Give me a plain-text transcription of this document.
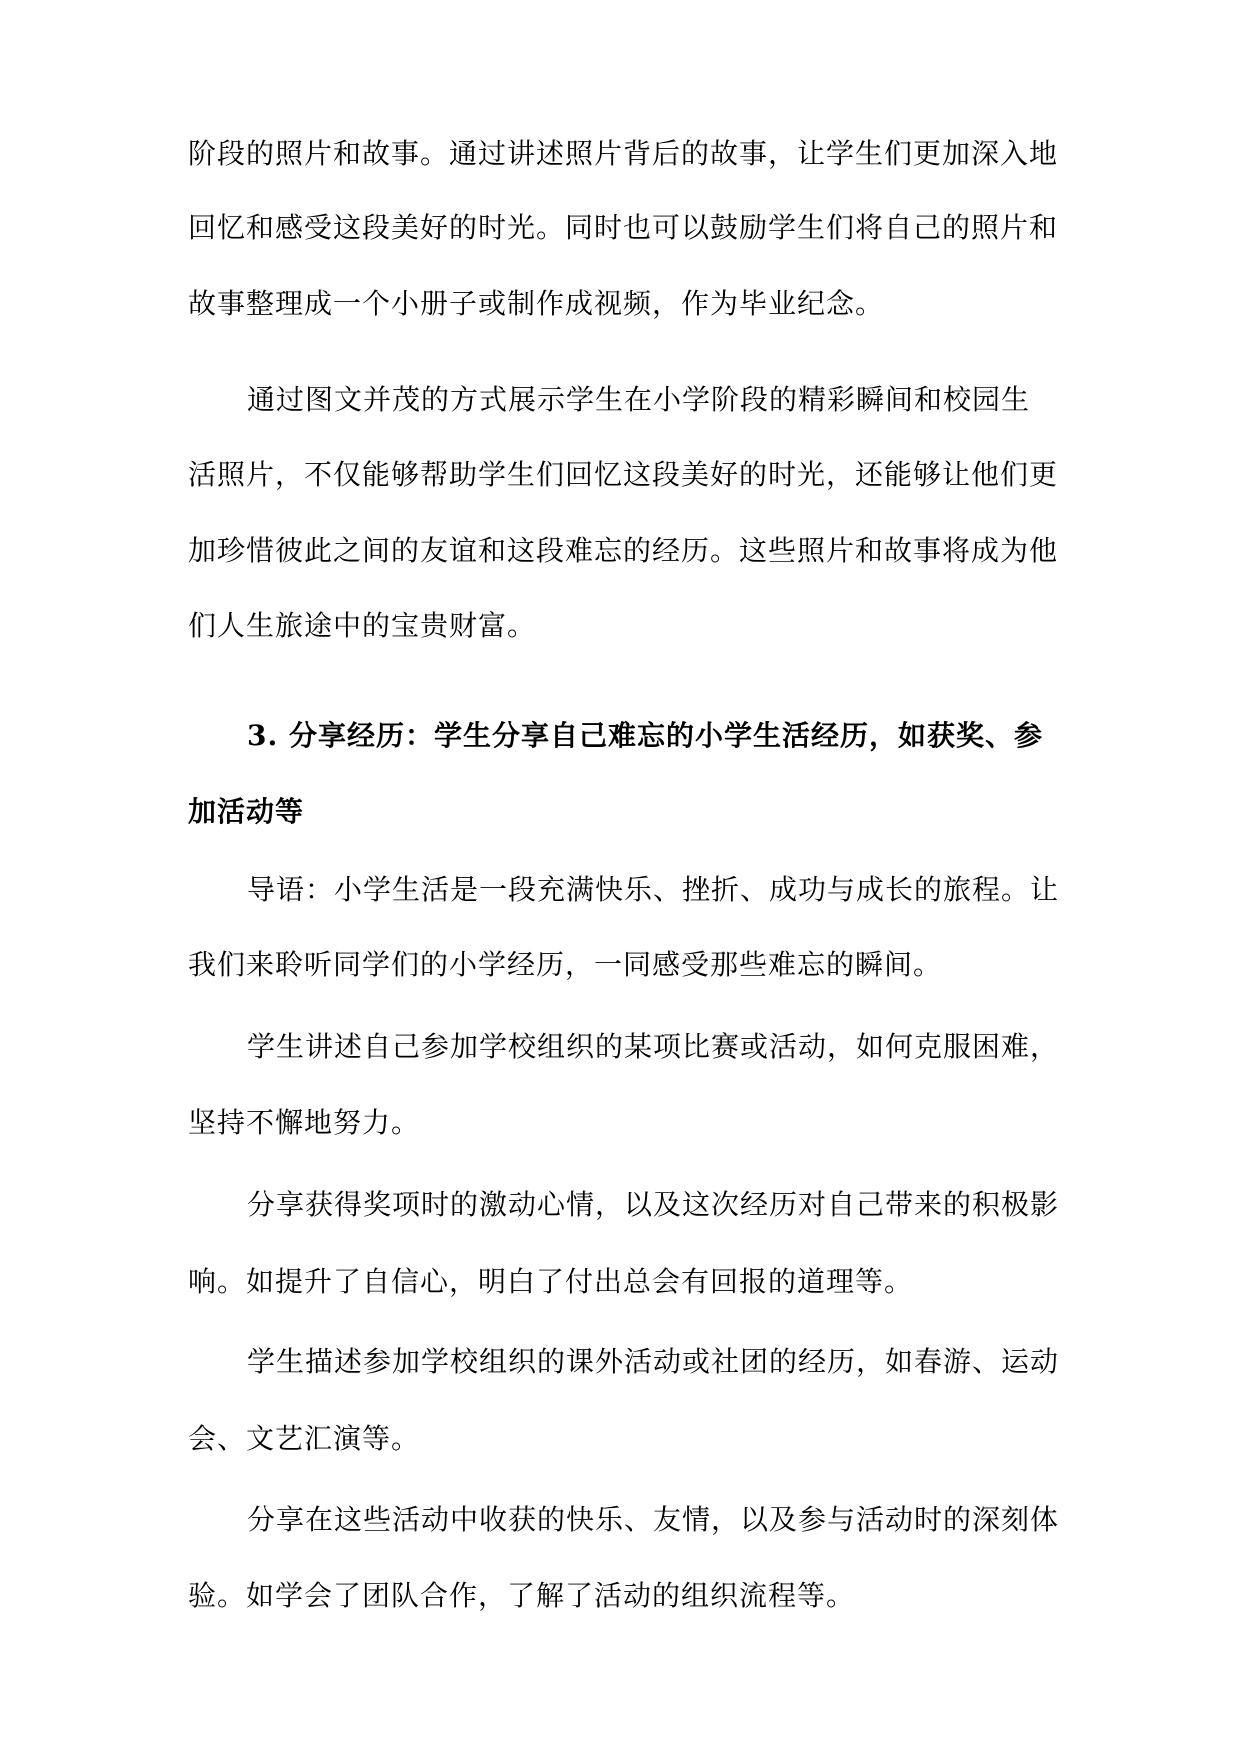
阶段的照片和故事。通过讲述照片背后的故事，让学生们更加深入地

回忆和感受这段美好的时光。同时也可以鼓励学生们将自己的照片和

故事整理成一个小册子或制作成视频，作为毕业纪念。

通过图文并茂的方式展示学生在小学阶段的精彩瞬间和校园生

活照片，不仅能够帮助学生们回忆这段美好的时光，还能够让他们更

加珍惜彼此之间的友谊和这段难忘的经历。这些照片和故事将成为他

们人生旅途中的宝贵财富。

3. 分享经历：学生分享自己难忘的小学生活经历，如获奖、参

加活动等

导语：小学生活是一段充满快乐、挫折、成功与成长的旅程。让

我们来聆听同学们的小学经历，一同感受那些难忘的瞬间。

学生讲述自己参加学校组织的某项比赛或活动，如何克服困难，

坚持不懈地努力。

分享获得奖项时的激动心情，以及这次经历对自己带来的积极影

响。如提升了自信心，明白了付出总会有回报的道理等。

学生描述参加学校组织的课外活动或社团的经历，如春游、运动

会、文艺汇演等。

分享在这些活动中收获的快乐、友情，以及参与活动时的深刻体

验。如学会了团队合作，了解了活动的组织流程等。
